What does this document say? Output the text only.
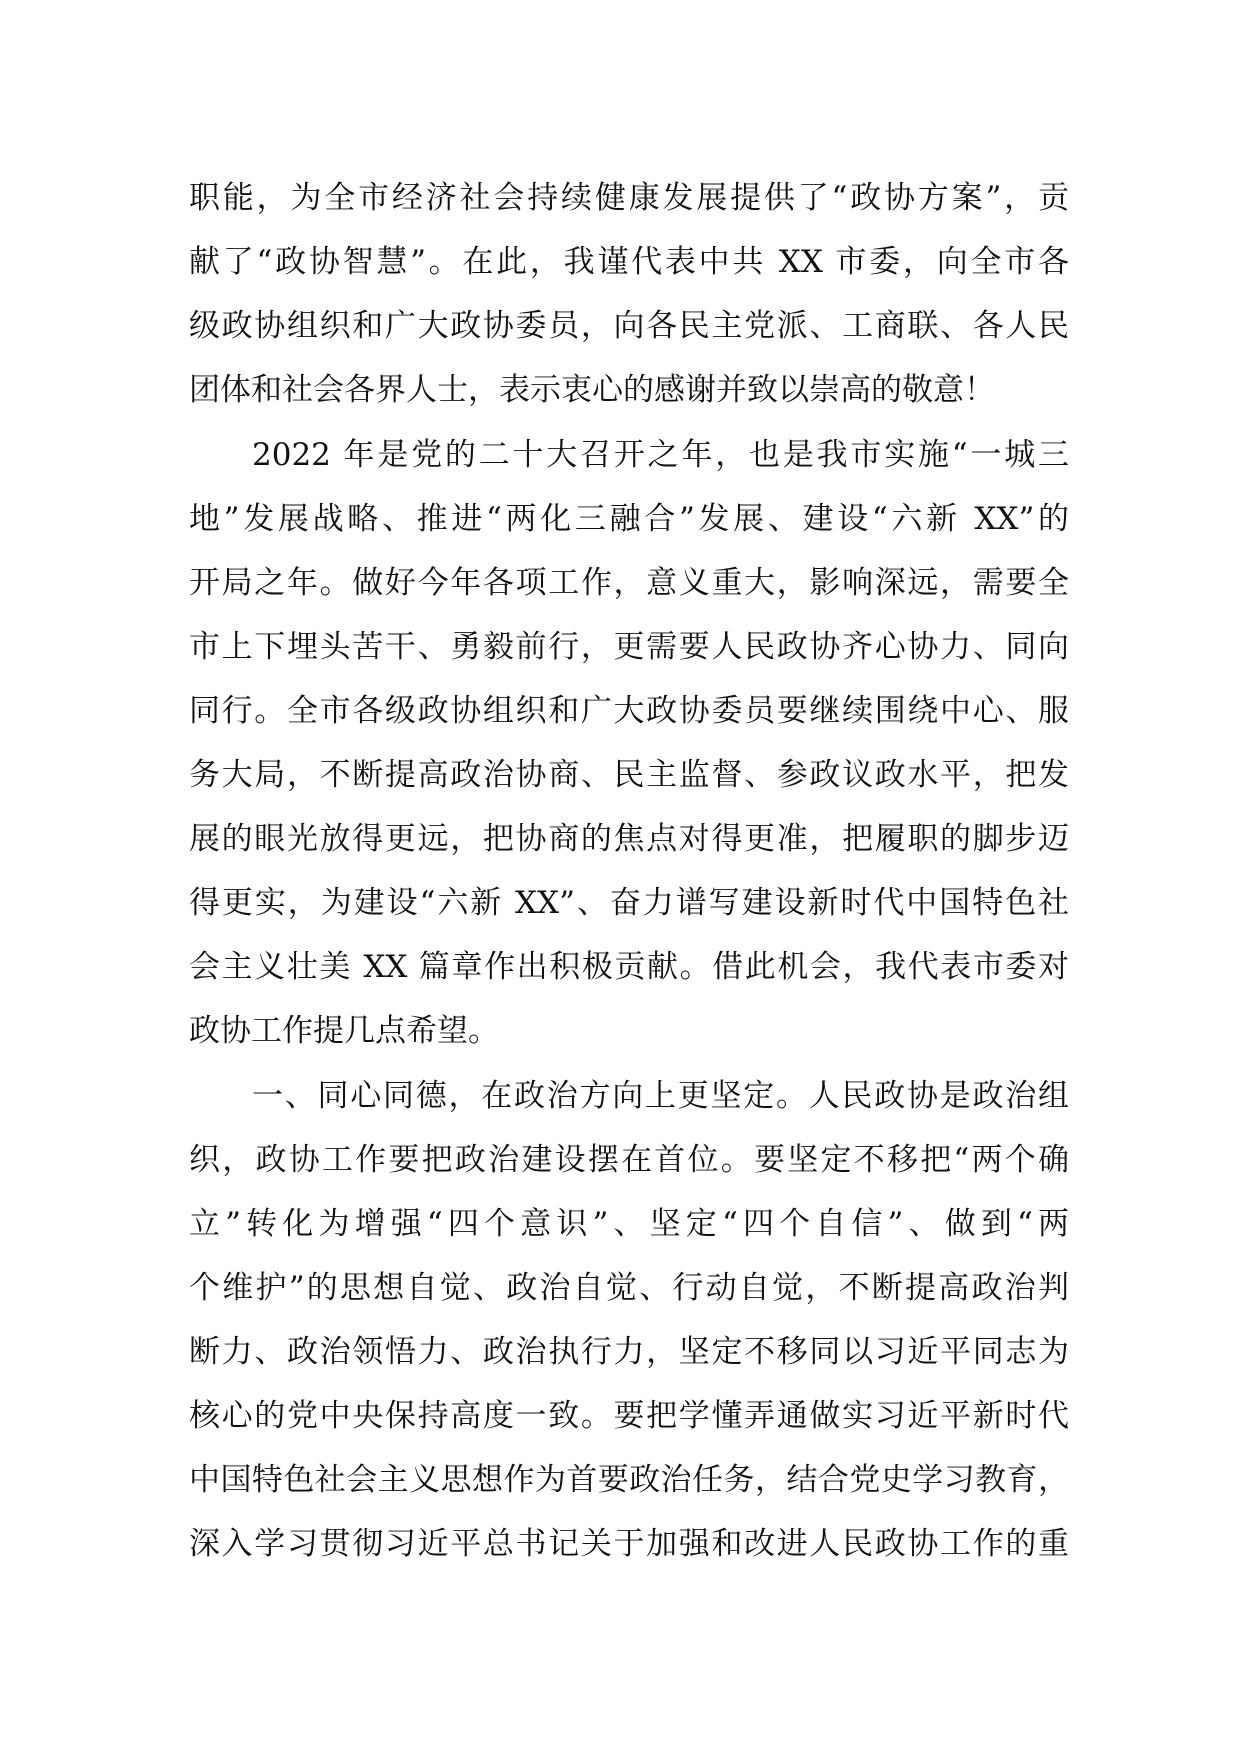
职能，为全市经济社会持续健康发展提供了“政协方案”，贡
献了“政协智慧”。在此，我谨代表中共 XX 市委，向全市各
级政协组织和广大政协委员，向各民主党派、工商联、各人民
团体和社会各界人士，表示衷心的感谢并致以崇高的敬意！
2022 年是党的二十大召开之年，也是我市实施“一城三
地”发展战略、推进“两化三融合”发展、建设“六新 XX”的
开局之年。做好今年各项工作，意义重大，影响深远，需要全
市上下埋头苦干、勇毅前行，更需要人民政协齐心协力、同向
同行。全市各级政协组织和广大政协委员要继续围绕中心、服
务大局，不断提高政治协商、民主监督、参政议政水平，把发
展的眼光放得更远，把协商的焦点对得更准，把履职的脚步迈
得更实，为建设“六新 XX”、奋力谱写建设新时代中国特色社
会主义壮美 XX 篇章作出积极贡献。借此机会，我代表市委对
政协工作提几点希望。
一、同心同德，在政治方向上更坚定。人民政协是政治组
织，政协工作要把政治建设摆在首位。要坚定不移把“两个确
立”转化为增强“四个意识”、坚定“四个自信”、做到“两
个维护”的思想自觉、政治自觉、行动自觉，不断提高政治判
断力、政治领悟力、政治执行力，坚定不移同以习近平同志为
核心的党中央保持高度一致。要把学懂弄通做实习近平新时代
中国特色社会主义思想作为首要政治任务，结合党史学习教育，
深入学习贯彻习近平总书记关于加强和改进人民政协工作的重
